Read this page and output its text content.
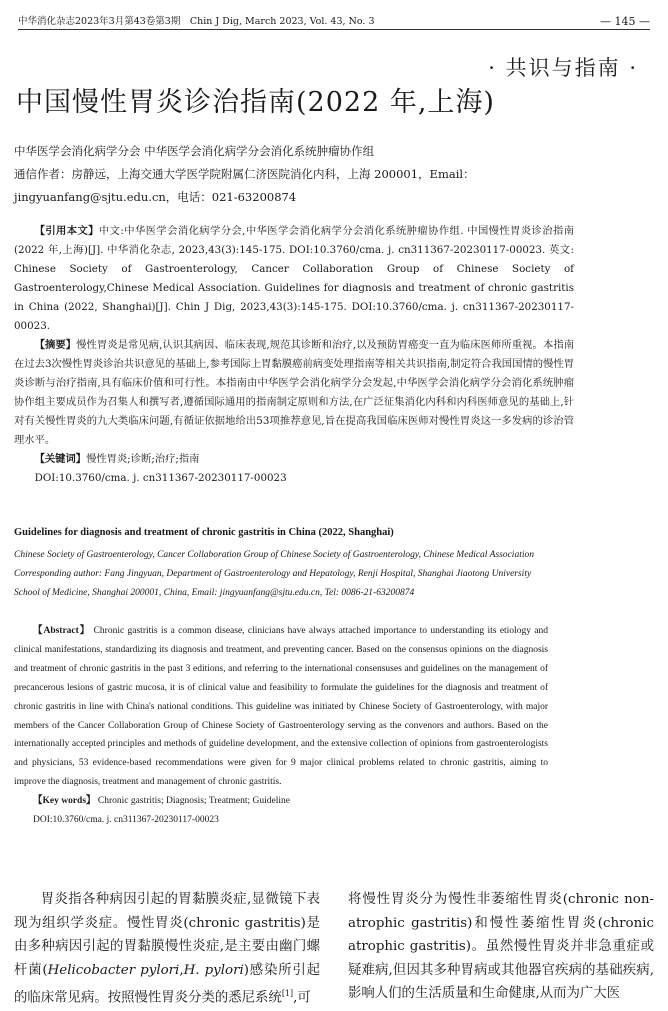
中华消化杂志2023年3月第43卷第3期　Chin J Dig, March 2023, Vol. 43, No. 3	— 145 —
· 共识与指南 ·
中国慢性胃炎诊治指南(2022 年,上海)
中华医学会消化病学分会 中华医学会消化病学分会消化系统肿瘤协作组
通信作者：房静远，上海交通大学医学院附属仁济医院消化内科，上海 200001，Email：
jingyuanfang@sjtu.edu.cn，电话：021-63200874

【引用本文】中文:中华医学会消化病学分会,中华医学会消化病学分会消化系统肿瘤协作组. 中国慢性胃炎诊治指南(2022 年,上海)[J]. 中华消化杂志, 2023,43(3):145-175. DOI:10.3760/cma. j. cn311367-20230117-00023. 英文: Chinese Society of Gastroenterology, Cancer Collaboration Group of Chinese Society of Gastroenterology,Chinese Medical Association. Guidelines for diagnosis and treatment of chronic gastritis in China (2022, Shanghai)[J]. Chin J Dig, 2023,43(3):145-175. DOI:10.3760/cma. j. cn311367-20230117-00023.

【摘要】慢性胃炎是常见病,认识其病因、临床表现,规范其诊断和治疗,以及预防胃癌变一直为临床医师所重视。本指南在过去3次慢性胃炎诊治共识意见的基础上,参考国际上胃黏膜癌前病变处理指南等相关共识指南,制定符合我国国情的慢性胃炎诊断与治疗指南,具有临床价值和可行性。本指南由中华医学会消化病学分会发起,中华医学会消化病学分会消化系统肿瘤协作组主要成员作为召集人和撰写者,遵循国际通用的指南制定原则和方法,在广泛征集消化内科和内科医师意见的基础上,针对有关慢性胃炎的九大类临床问题,有循证依据地给出53项推荐意见,旨在提高我国临床医师对慢性胃炎这一多发病的诊治管理水平。

【关键词】慢性胃炎;诊断;治疗;指南

DOI:10.3760/cma. j. cn311367-20230117-00023

Guidelines for diagnosis and treatment of chronic gastritis in China (2022, Shanghai)
Chinese Society of Gastroenterology, Cancer Collaboration Group of Chinese Society of Gastroenterology, Chinese Medical Association
Corresponding author: Fang Jingyuan, Department of Gastroenterology and Hepatology, Renji Hospital, Shanghai Jiaotong University School of Medicine, Shanghai 200001, China, Email: jingyuanfang@sjtu.edu.cn, Tel: 0086-21-63200874

【Abstract】 Chronic gastritis is a common disease, clinicians have always attached importance to understanding its etiology and clinical manifestations, standardizing its diagnosis and treatment, and preventing cancer. Based on the consensus opinions on the diagnosis and treatment of chronic gastritis in the past 3 editions, and referring to the international consensuses and guidelines on the management of precancerous lesions of gastric mucosa, it is of clinical value and feasibility to formulate the guidelines for the diagnosis and treatment of chronic gastritis in line with China's national conditions. This guideline was initiated by Chinese Society of Gastroenterology, with major members of the Cancer Collaboration Group of Chinese Society of Gastroenterology serving as the convenors and authors. Based on the internationally accepted principles and methods of guideline development, and the extensive collection of opinions from gastroenterologists and physicians, 53 evidence-based recommendations were given for 9 major clinical problems related to chronic gastritis, aiming to improve the diagnosis, treatment and management of chronic gastritis.

【Key words】 Chronic gastritis; Diagnosis; Treatment; Guideline

DOI:10.3760/cma. j. cn311367-20230117-00023

胃炎指各种病因引起的胃黏膜炎症,显微镜下表现为组织学炎症。慢性胃炎(chronic gastritis)是由多种病因引起的胃黏膜慢性炎症,是主要由幽门螺杆菌(Helicobacter pylori,H. pylori)感染所引起的临床常见病。按照慢性胃炎分类的悉尼系统[1],可
将慢性胃炎分为慢性非萎缩性胃炎(chronic non-atrophic gastritis)和慢性萎缩性胃炎(chronic atrophic gastritis)。虽然慢性胃炎并非急重症或疑难病,但因其多种胃病或其他器官疾病的基础疾病,影响人们的生活质量和生命健康,从而为广大医
